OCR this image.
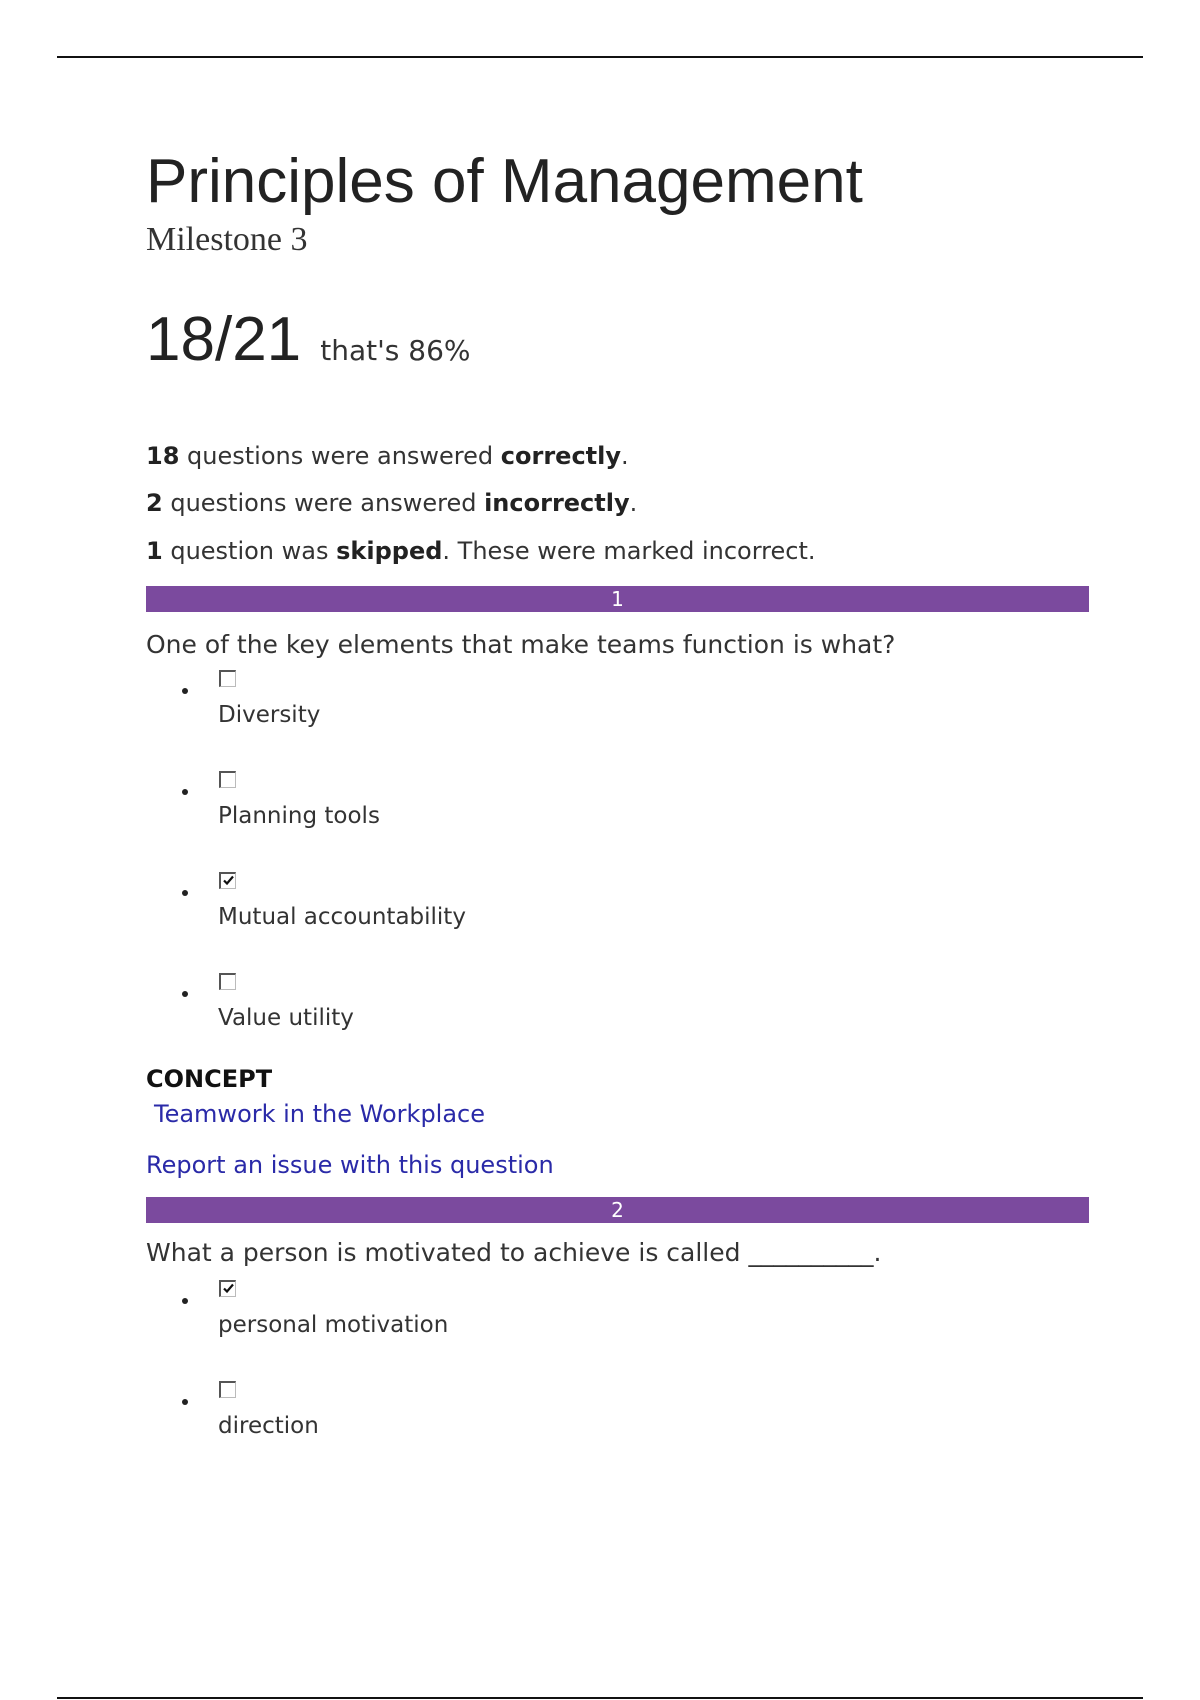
Principles of Management
Milestone 3
18/21 that's 86%
18 questions were answered correctly.
2 questions were answered incorrectly.
1 question was skipped. These were marked incorrect.
1
One of the key elements that make teams function is what?
Diversity
Planning tools
Mutual accountability
Value utility
CONCEPT
Teamwork in the Workplace
Report an issue with this question
2
What a person is motivated to achieve is called __________.
personal motivation
direction
